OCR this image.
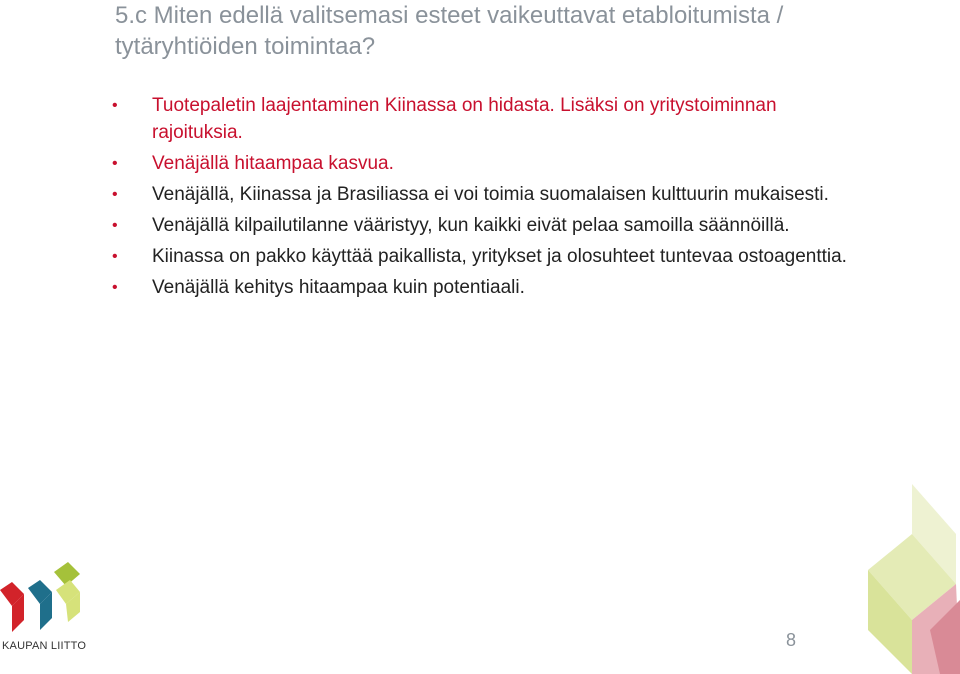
5.c Miten edellä valitsemasi esteet vaikeuttavat etabloitumista / tytäryhtiöiden toimintaa?
• Tuotepaletin laajentaminen Kiinassa on hidasta. Lisäksi on yritystoiminnan rajoituksia.
• Venäjällä hitaampaa kasvua.
• Venäjällä, Kiinassa ja Brasiliassa ei voi toimia suomalaisen kulttuurin mukaisesti.
• Venäjällä kilpailutilanne vääristyy, kun kaikki eivät pelaa samoilla säännöillä.
• Kiinassa on pakko käyttää paikallista, yritykset ja olosuhteet tuntevaa ostoagenttia.
• Venäjällä kehitys hitaampaa kuin potentiaali.
KAUPAN LIITTO	8
